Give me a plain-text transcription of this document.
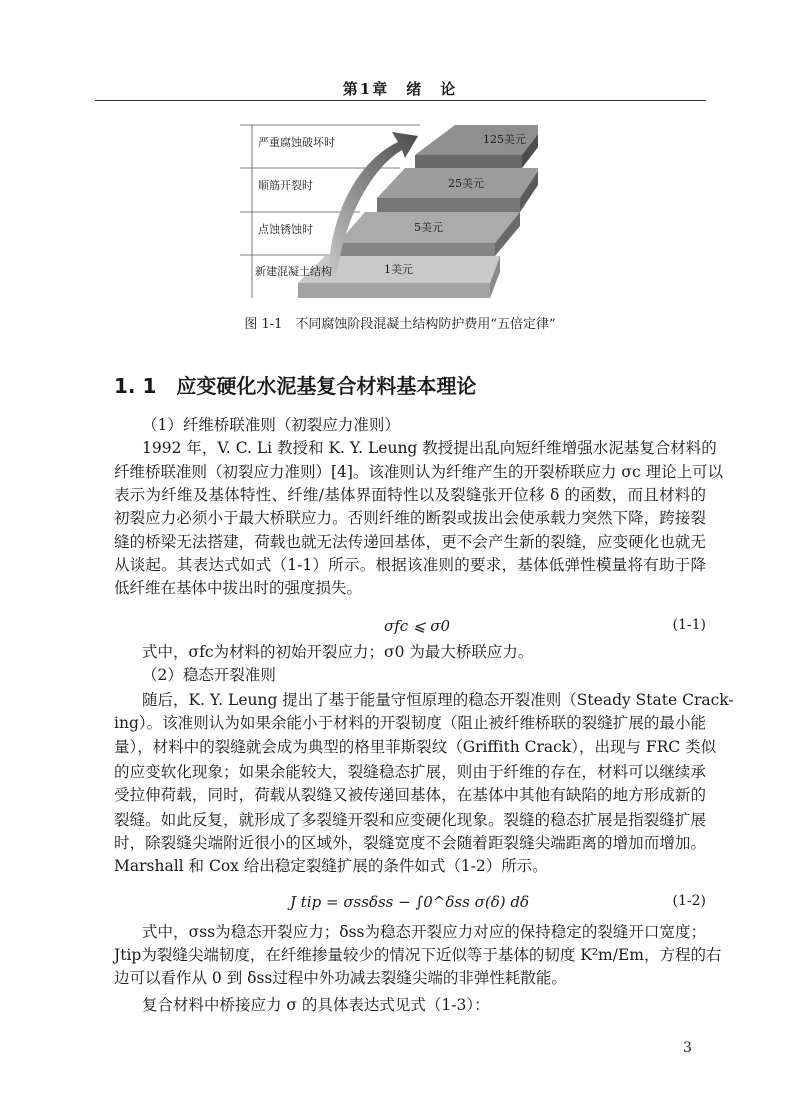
第1章　绪　论
严重腐蚀破坏时
顺筋开裂时
点蚀锈蚀时
新建混凝土结构
125美元
25美元
5美元
1美元
图 1-1　不同腐蚀阶段混凝土结构防护费用“五倍定律”
1. 1　应变硬化水泥基复合材料基本理论
（1）纤维桥联准则（初裂应力准则）
1992 年，V. C. Li 教授和 K. Y. Leung 教授提出乱向短纤维增强水泥基复合材料的
纤维桥联准则（初裂应力准则）[4]。该准则认为纤维产生的开裂桥联应力 σc 理论上可以
表示为纤维及基体特性、纤维/基体界面特性以及裂缝张开位移 δ 的函数，而且材料的
初裂应力必须小于最大桥联应力。否则纤维的断裂或拔出会使承载力突然下降，跨接裂
缝的桥梁无法搭建，荷载也就无法传递回基体，更不会产生新的裂缝，应变硬化也就无
从谈起。其表达式如式（1-1）所示。根据该准则的要求，基体低弹性模量将有助于降
低纤维在基体中拔出时的强度损失。
式中，σfc为材料的初始开裂应力；σ0 为最大桥联应力。
（2）稳态开裂准则
随后，K. Y. Leung 提出了基于能量守恒原理的稳态开裂准则（Steady State Crack-
ing）。该准则认为如果余能小于材料的开裂韧度（阻止被纤维桥联的裂缝扩展的最小能
量），材料中的裂缝就会成为典型的格里菲斯裂纹（Griffith Crack），出现与 FRC 类似
的应变软化现象；如果余能较大，裂缝稳态扩展，则由于纤维的存在，材料可以继续承
受拉伸荷载，同时，荷载从裂缝又被传递回基体，在基体中其他有缺陷的地方形成新的
裂缝。如此反复，就形成了多裂缝开裂和应变硬化现象。裂缝的稳态扩展是指裂缝扩展
时，除裂缝尖端附近很小的区域外，裂缝宽度不会随着距裂缝尖端距离的增加而增加。
Marshall 和 Cox 给出稳定裂缝扩展的条件如式（1-2）所示。
式中，σss为稳态开裂应力；δss为稳态开裂应力对应的保持稳定的裂缝开口宽度；
Jtip为裂缝尖端韧度，在纤维掺量较少的情况下近似等于基体的韧度 K²m/Em，方程的右
边可以看作从 0 到 δss过程中外功减去裂缝尖端的非弹性耗散能。
复合材料中桥接应力 σ 的具体表达式见式（1-3）：
σfc ⩽ σ0	(1-1)
J tip = σssδss − ∫0^δss σ(δ) dδ	(1-2)
3
